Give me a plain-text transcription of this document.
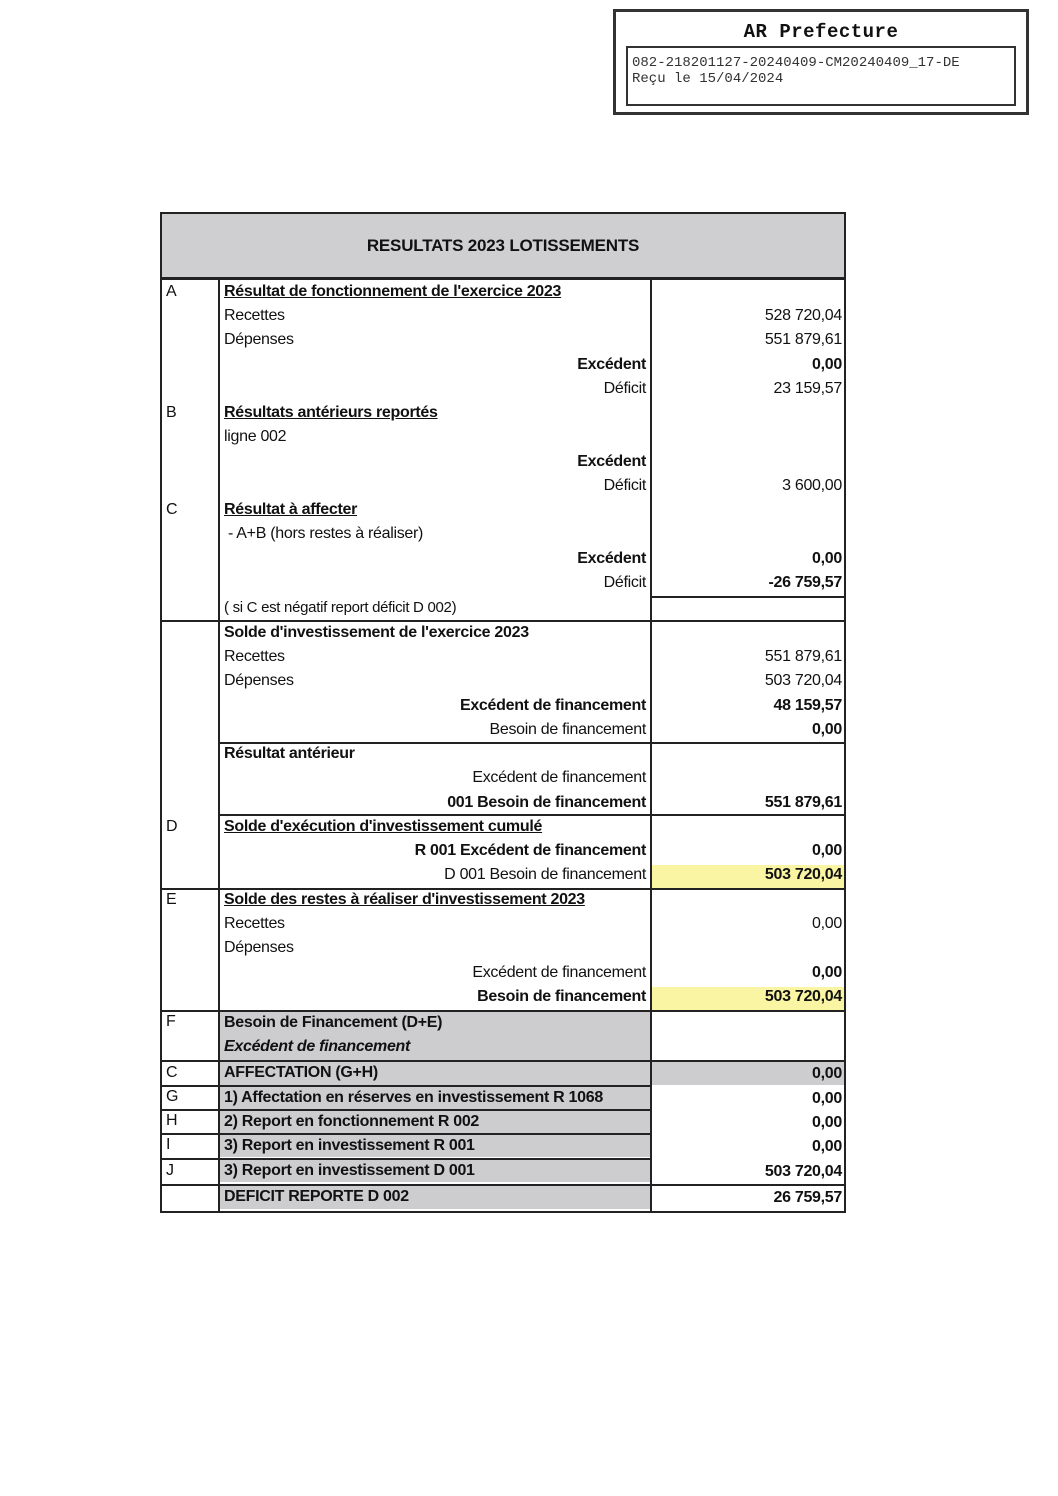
AR Prefecture
082-218201127-20240409-CM20240409_17-DE
Reçu le 15/04/2024
RESULTATS 2023 LOTISSEMENTS
A	Résultat de fonctionnement de l'exercice 2023
Recettes	528 720,04
Dépenses	551 879,61
Excédent	0,00
Déficit	23 159,57
B	Résultats antérieurs reportés
ligne 002
Excédent
Déficit	3 600,00
C	Résultat à affecter
- A+B (hors restes à réaliser)
Excédent	0,00
Déficit	-26 759,57
( si C est négatif report déficit D 002)
Solde d'investissement de l'exercice 2023
Recettes	551 879,61
Dépenses	503 720,04
Excédent de financement	48 159,57
Besoin de financement	0,00
Résultat antérieur
Excédent de financement
001 Besoin de financement	551 879,61
D	Solde d'exécution d'investissement cumulé
R 001 Excédent de financement	0,00
D 001 Besoin de financement	503 720,04
E	Solde des restes à réaliser d'investissement 2023
Recettes	0,00
Dépenses
Excédent de financement	0,00
Besoin de financement	503 720,04
F	Besoin de Financement (D+E)
Excédent de financement
C	AFFECTATION (G+H)	0,00
G	1) Affectation en réserves en investissement R 1068	0,00
H	2) Report en fonctionnement R 002	0,00
I	3) Report en investissement R 001	0,00
J	3) Report en investissement D 001	503 720,04
DEFICIT REPORTE D 002	26 759,57
